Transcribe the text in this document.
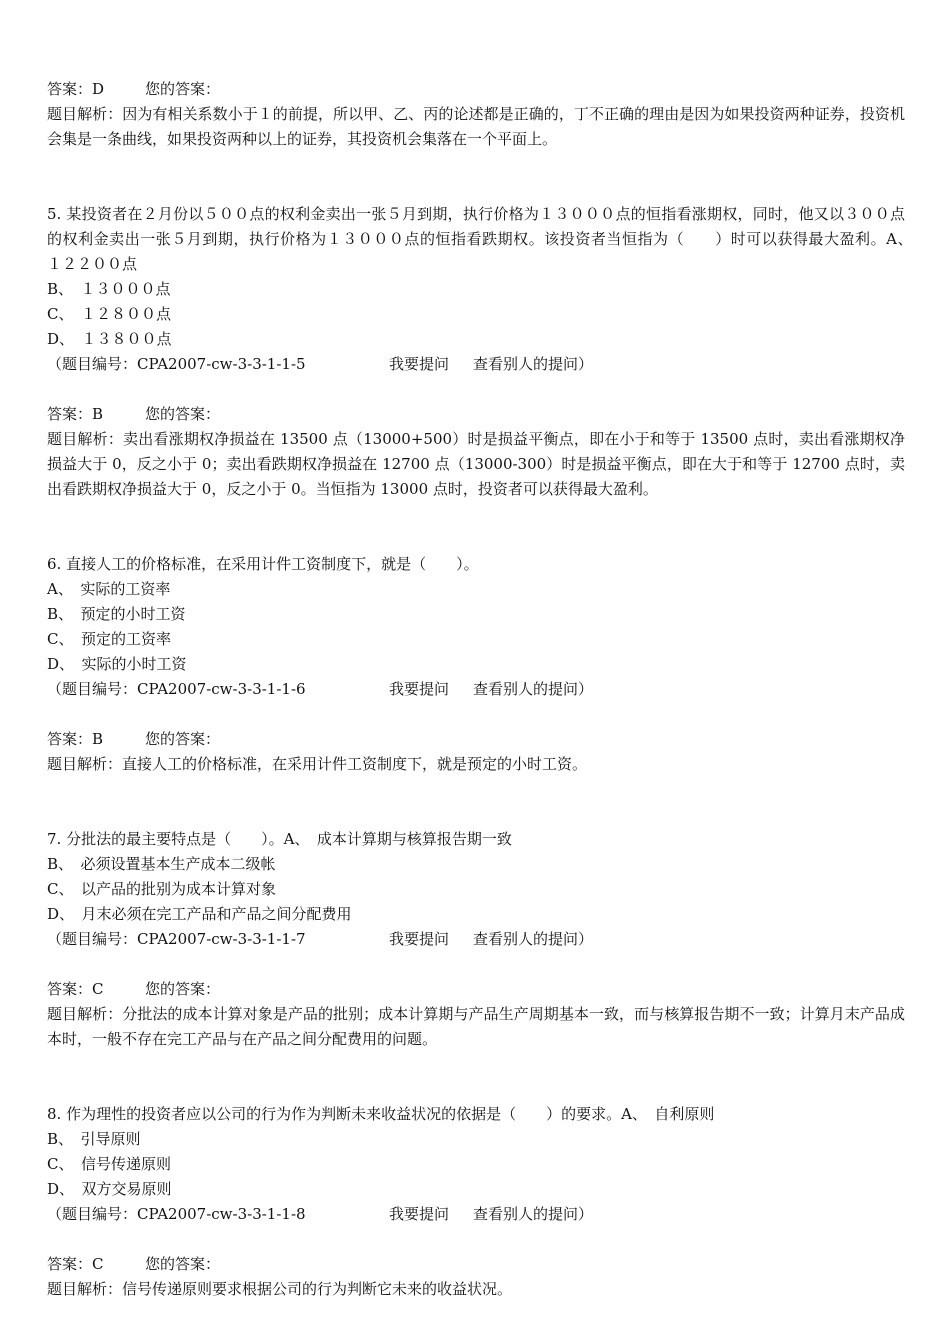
答案：D	您的答案：
题目解析：因为有相关系数小于１的前提，所以甲、乙、丙的论述都是正确的，丁不正确的理由是因为如果投资两种证券，投资机会集是一条曲线，如果投资两种以上的证券，其投资机会集落在一个平面上。
5. 某投资者在２月份以５００点的权利金卖出一张５月到期，执行价格为１３０００点的恒指看涨期权，同时，他又以３００点的权利金卖出一张５月到期，执行价格为１３０００点的恒指看跌期权。该投资者当恒指为（　　）时可以获得最大盈利。A、　１２２００点
B、　１３０００点
C、　１２８００点
D、　１３８００点
（题目编号：CPA2007-cw-3-3-1-1-5	我要提问	查看别人的提问）
答案：B	您的答案：
题目解析：卖出看涨期权净损益在 13500 点（13000+500）时是损益平衡点，即在小于和等于 13500 点时，卖出看涨期权净损益大于 0，反之小于 0；卖出看跌期权净损益在 12700 点（13000-300）时是损益平衡点，即在大于和等于 12700 点时，卖出看跌期权净损益大于 0，反之小于 0。当恒指为 13000 点时，投资者可以获得最大盈利。
6. 直接人工的价格标准，在采用计件工资制度下，就是（　　）。
A、　实际的工资率
B、　预定的小时工资
C、　预定的工资率
D、　实际的小时工资
（题目编号：CPA2007-cw-3-3-1-1-6	我要提问	查看别人的提问）
答案：B	您的答案：
题目解析：直接人工的价格标准，在采用计件工资制度下，就是预定的小时工资。
7. 分批法的最主要特点是（　　）。A、　成本计算期与核算报告期一致
B、　必须设置基本生产成本二级帐
C、　以产品的批别为成本计算对象
D、　月末必须在完工产品和产品之间分配费用
（题目编号：CPA2007-cw-3-3-1-1-7	我要提问	查看别人的提问）
答案：C	您的答案：
题目解析：分批法的成本计算对象是产品的批别；成本计算期与产品生产周期基本一致，而与核算报告期不一致；计算月末产品成本时，一般不存在完工产品与在产品之间分配费用的问题。
8. 作为理性的投资者应以公司的行为作为判断未来收益状况的依据是（　　）的要求。A、　自利原则
B、　引导原则
C、　信号传递原则
D、　双方交易原则
（题目编号：CPA2007-cw-3-3-1-1-8	我要提问	查看别人的提问）
答案：C	您的答案：
题目解析：信号传递原则要求根据公司的行为判断它未来的收益状况。
